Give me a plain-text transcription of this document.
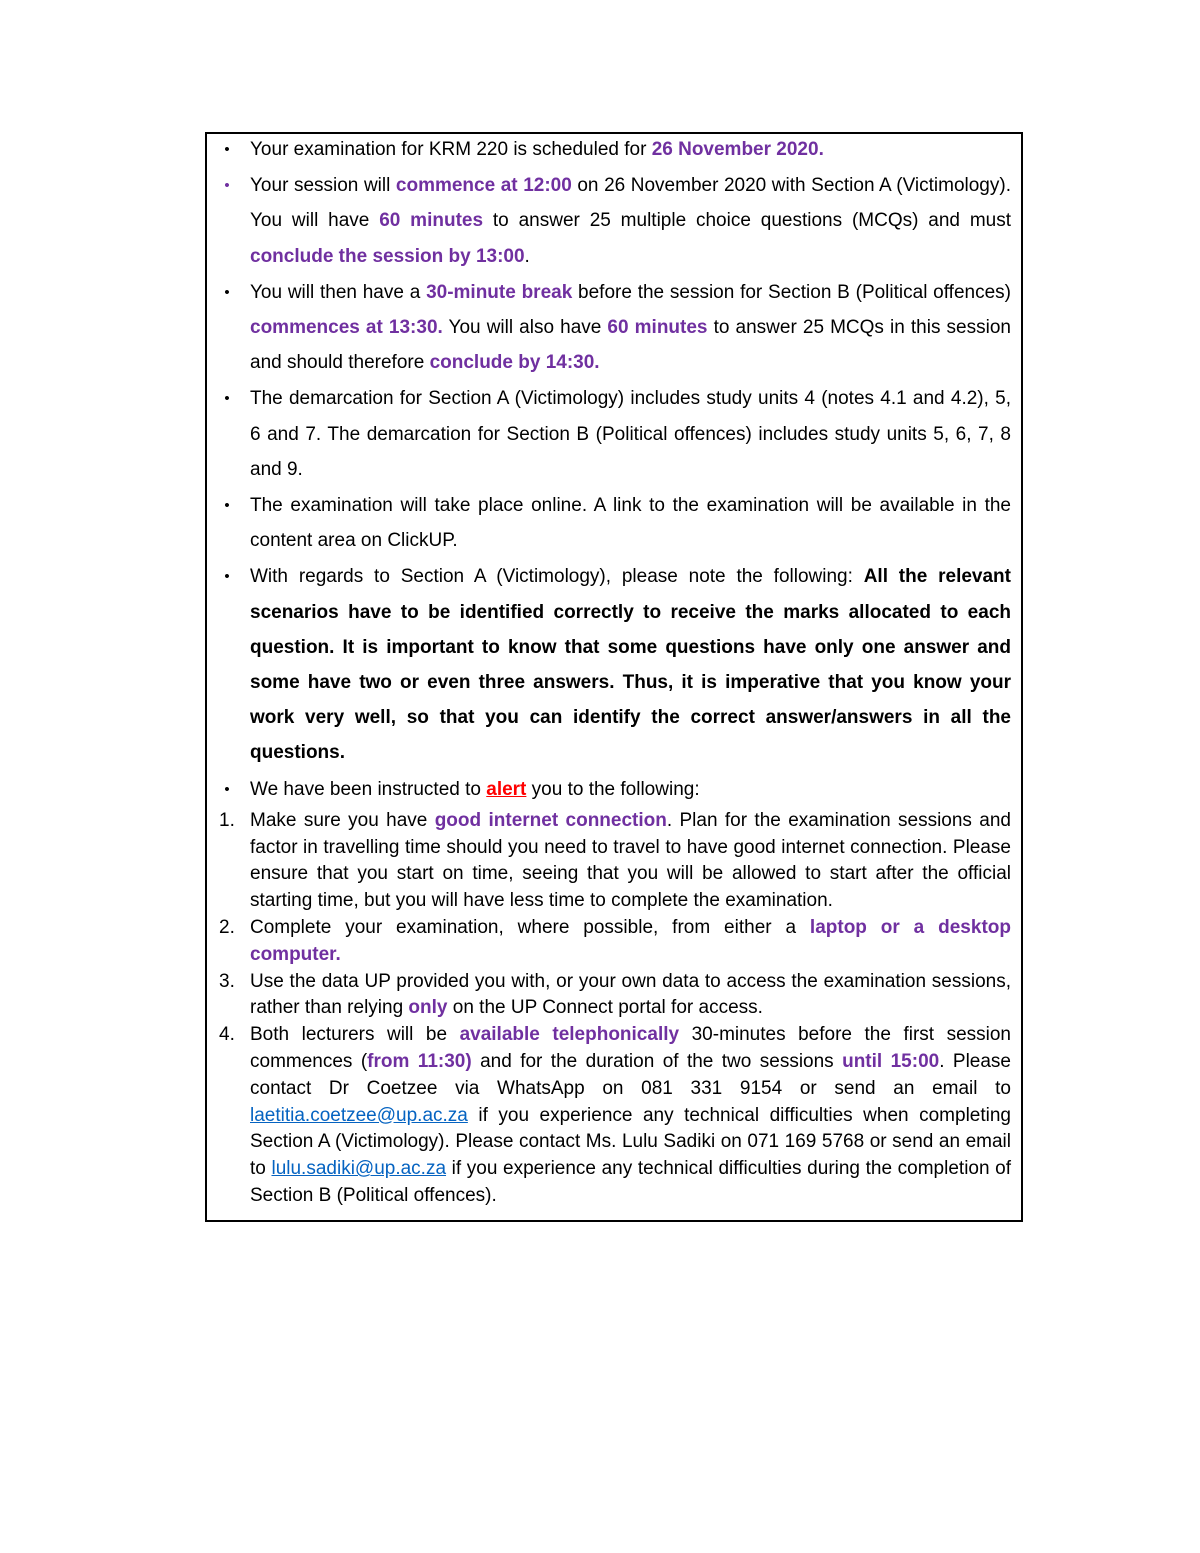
• Your examination for KRM 220 is scheduled for 26 November 2020.
• Your session will commence at 12:00 on 26 November 2020 with Section A (Victimology). You will have 60 minutes to answer 25 multiple choice questions (MCQs) and must conclude the session by 13:00.
• You will then have a 30-minute break before the session for Section B (Political offences) commences at 13:30. You will also have 60 minutes to answer 25 MCQs in this session and should therefore conclude by 14:30.
• The demarcation for Section A (Victimology) includes study units 4 (notes 4.1 and 4.2), 5, 6 and 7. The demarcation for Section B (Political offences) includes study units 5, 6, 7, 8 and 9.
• The examination will take place online. A link to the examination will be available in the content area on ClickUP.
• With regards to Section A (Victimology), please note the following: All the relevant scenarios have to be identified correctly to receive the marks allocated to each question. It is important to know that some questions have only one answer and some have two or even three answers. Thus, it is imperative that you know your work very well, so that you can identify the correct answer/answers in all the questions.
• We have been instructed to alert you to the following:
1. Make sure you have good internet connection. Plan for the examination sessions and factor in travelling time should you need to travel to have good internet connection. Please ensure that you start on time, seeing that you will be allowed to start after the official starting time, but you will have less time to complete the examination.
2. Complete your examination, where possible, from either a laptop or a desktop computer.
3. Use the data UP provided you with, or your own data to access the examination sessions, rather than relying only on the UP Connect portal for access.
4. Both lecturers will be available telephonically 30-minutes before the first session commences (from 11:30) and for the duration of the two sessions until 15:00. Please contact Dr Coetzee via WhatsApp on 081 331 9154 or send an email to laetitia.coetzee@up.ac.za if you experience any technical difficulties when completing Section A (Victimology). Please contact Ms. Lulu Sadiki on 071 169 5768 or send an email to lulu.sadiki@up.ac.za if you experience any technical difficulties during the completion of Section B (Political offences).
